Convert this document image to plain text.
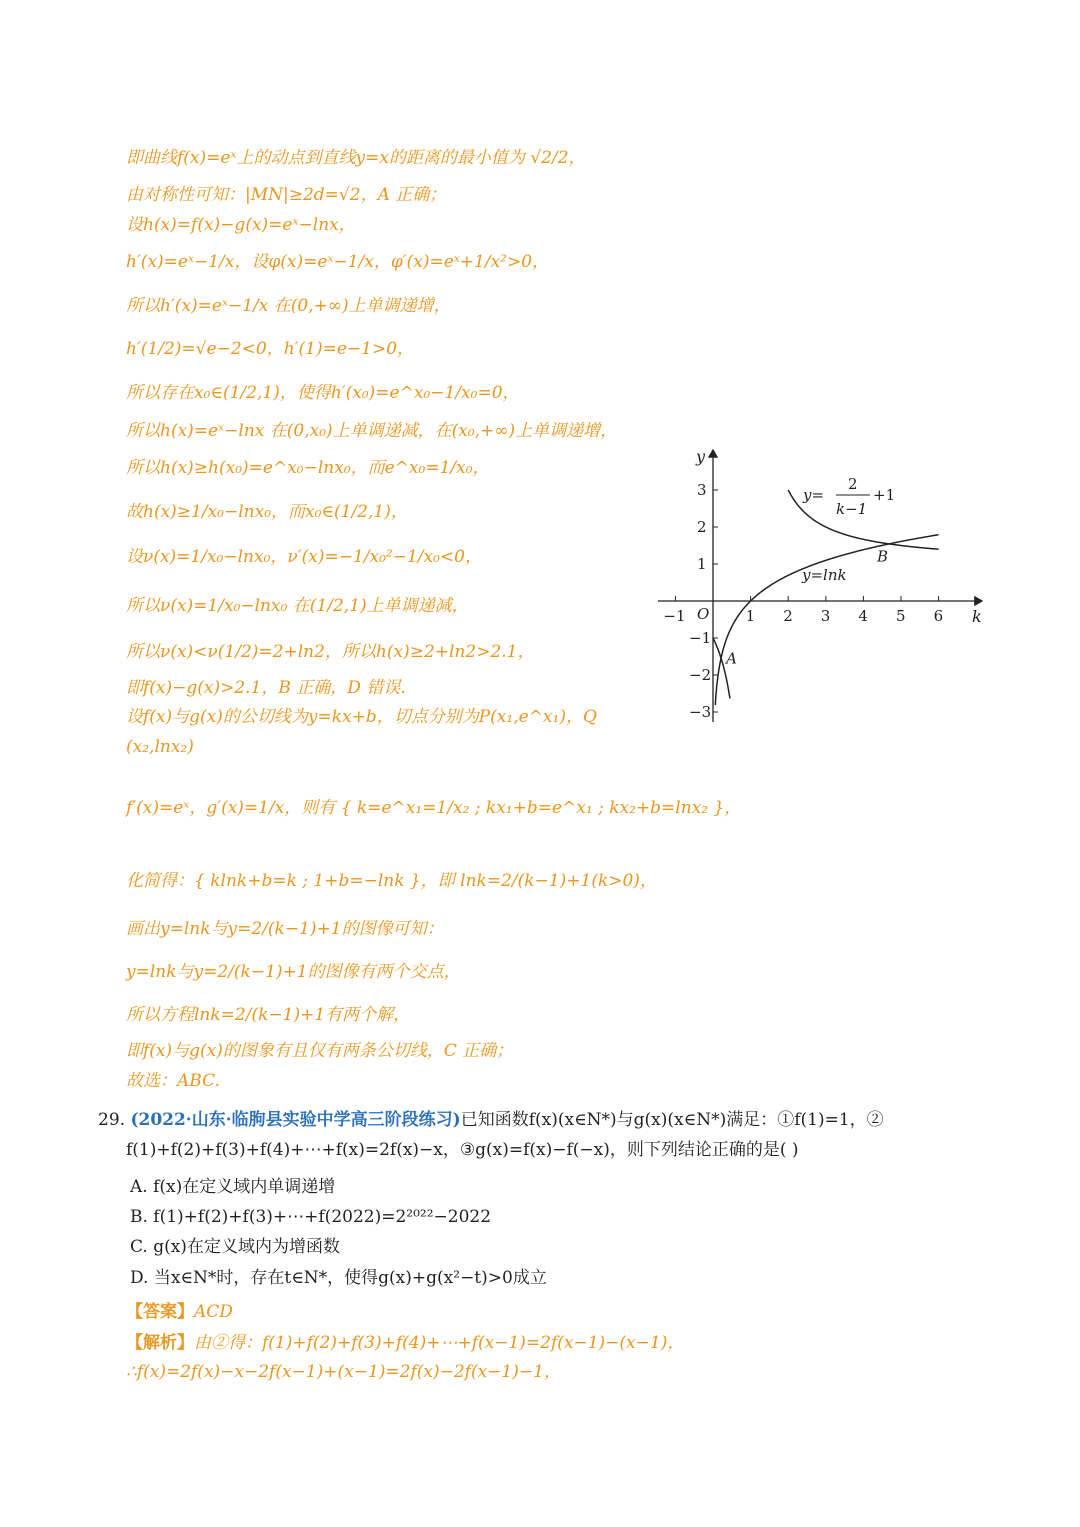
即曲线f(x)=eˣ上的动点到直线y=x的距离的最小值为 √2/2，
由对称性可知：|MN|≥2d=√2，A 正确；
设h(x)=f(x)−g(x)=eˣ−lnx，
h′(x)=eˣ−1/x，设φ(x)=eˣ−1/x，φ′(x)=eˣ+1/x²>0，
所以h′(x)=eˣ−1/x 在(0,+∞)上单调递增，
h′(1/2)=√e−2<0，h′(1)=e−1>0，
所以存在x₀∈(1/2,1)，使得h′(x₀)=e^x₀−1/x₀=0，
所以h(x)=eˣ−lnx 在(0,x₀)上单调递减，在(x₀,+∞)上单调递增，
所以h(x)≥h(x₀)=e^x₀−lnx₀，而e^x₀=1/x₀，
故h(x)≥1/x₀−lnx₀，而x₀∈(1/2,1)，
设ν(x)=1/x₀−lnx₀，ν′(x)=−1/x₀²−1/x₀<0，
所以ν(x)=1/x₀−lnx₀ 在(1/2,1)上单调递减，
所以ν(x)<ν(1/2)=2+ln2，所以h(x)≥2+ln2>2.1，
即f(x)−g(x)>2.1，B 正确，D 错误.
设f(x)与g(x)的公切线为y=kx+b，切点分别为P(x₁,e^x₁)，Q
(x₂,lnx₂)
f′(x)=eˣ，g′(x)=1/x，则有 { k=e^x₁=1/x₂ ; kx₁+b=e^x₁ ; kx₂+b=lnx₂ }，
化简得：{ klnk+b=k ; 1+b=−lnk }，即 lnk=2/(k−1)+1(k>0)，
画出y=lnk与y=2/(k−1)+1的图像可知：
y=lnk与y=2/(k−1)+1的图像有两个交点，
所以方程lnk=2/(k−1)+1有两个解，
即f(x)与g(x)的图象有且仅有两条公切线，C 正确；
故选：ABC.
−1	1 2 3 4 5 6
3
2
1
−1
−2
−3
k
y
O
A
B
y=
2
k−1
+1
y=lnk
29. (2022·山东·临朐县实验中学高三阶段练习)已知函数f(x)(x∈N*)与g(x)(x∈N*)满足：①f(1)=1，②
f(1)+f(2)+f(3)+f(4)+⋯+f(x)=2f(x)−x，③g(x)=f(x)−f(−x)，则下列结论正确的是( )
A. f(x)在定义域内单调递增
B. f(1)+f(2)+f(3)+⋯+f(2022)=2²⁰²²−2022
C. g(x)在定义域内为增函数
D. 当x∈N*时，存在t∈N*，使得g(x)+g(x²−t)>0成立
【答案】ACD
【解析】由②得：f(1)+f(2)+f(3)+f(4)+⋯+f(x−1)=2f(x−1)−(x−1)，
∴f(x)=2f(x)−x−2f(x−1)+(x−1)=2f(x)−2f(x−1)−1，
